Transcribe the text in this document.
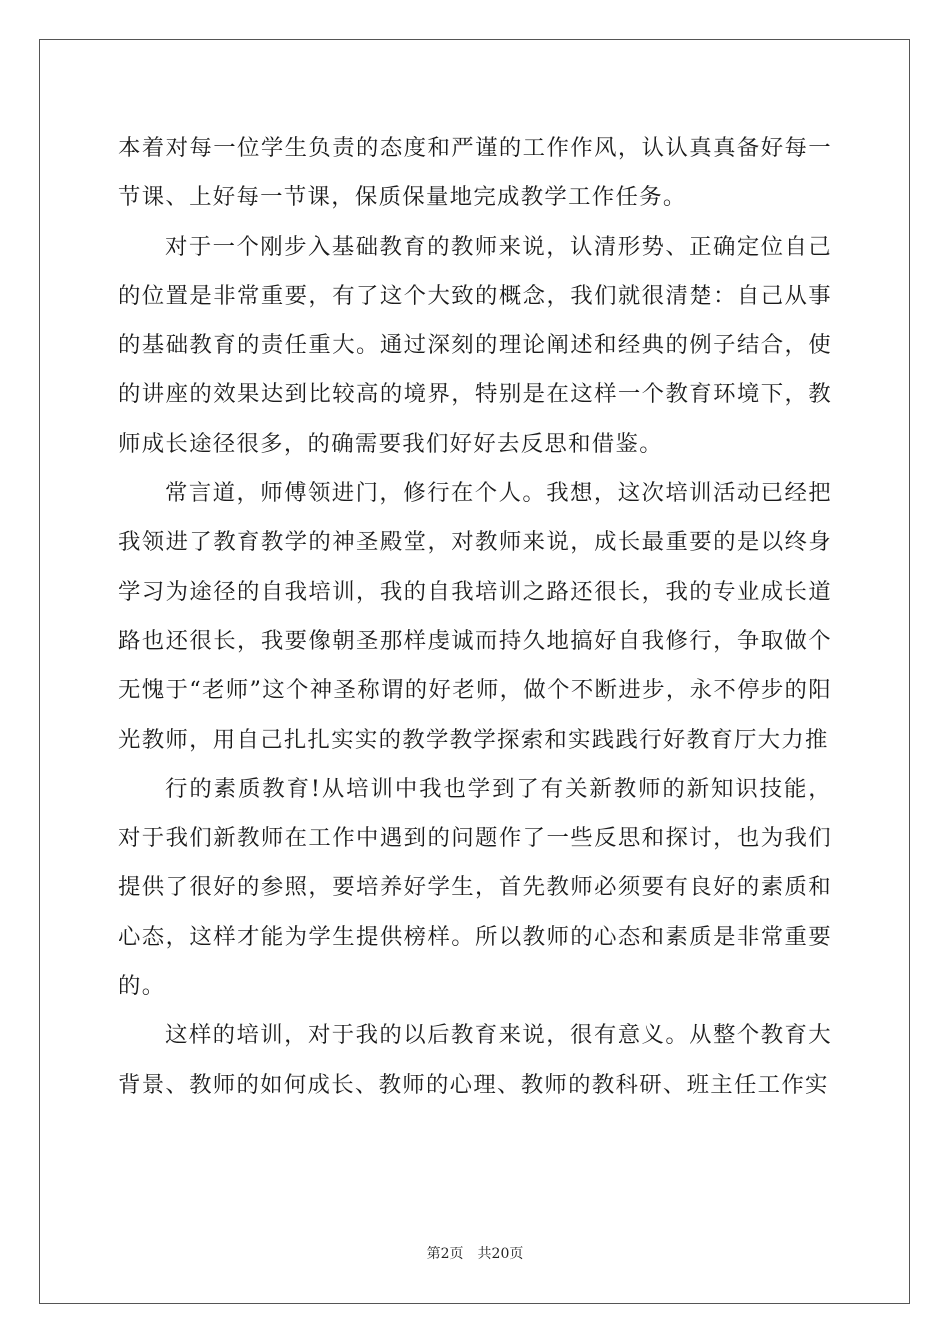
本着对每一位学生负责的态度和严谨的工作作风，认认真真备好每一节课、上好每一节课，保质保量地完成教学工作任务。

对于一个刚步入基础教育的教师来说，认清形势、正确定位自己的位置是非常重要，有了这个大致的概念，我们就很清楚：自己从事的基础教育的责任重大。通过深刻的理论阐述和经典的例子结合，使的讲座的效果达到比较高的境界，特别是在这样一个教育环境下，教师成长途径很多，的确需要我们好好去反思和借鉴。

常言道，师傅领进门，修行在个人。我想，这次培训活动已经把我领进了教育教学的神圣殿堂，对教师来说，成长最重要的是以终身学习为途径的自我培训，我的自我培训之路还很长，我的专业成长道路也还很长，我要像朝圣那样虔诚而持久地搞好自我修行，争取做个无愧于“老师”这个神圣称谓的好老师，做个不断进步，永不停步的阳光教师，用自己扎扎实实的教学教学探索和实践践行好教育厅大力推

行的素质教育!从培训中我也学到了有关新教师的新知识技能，对于我们新教师在工作中遇到的问题作了一些反思和探讨，也为我们提供了很好的参照，要培养好学生，首先教师必须要有良好的素质和心态，这样才能为学生提供榜样。所以教师的心态和素质是非常重要的。

这样的培训，对于我的以后教育来说，很有意义。从整个教育大背景、教师的如何成长、教师的心理、教师的教科研、班主任工作实

第2页　共20页
